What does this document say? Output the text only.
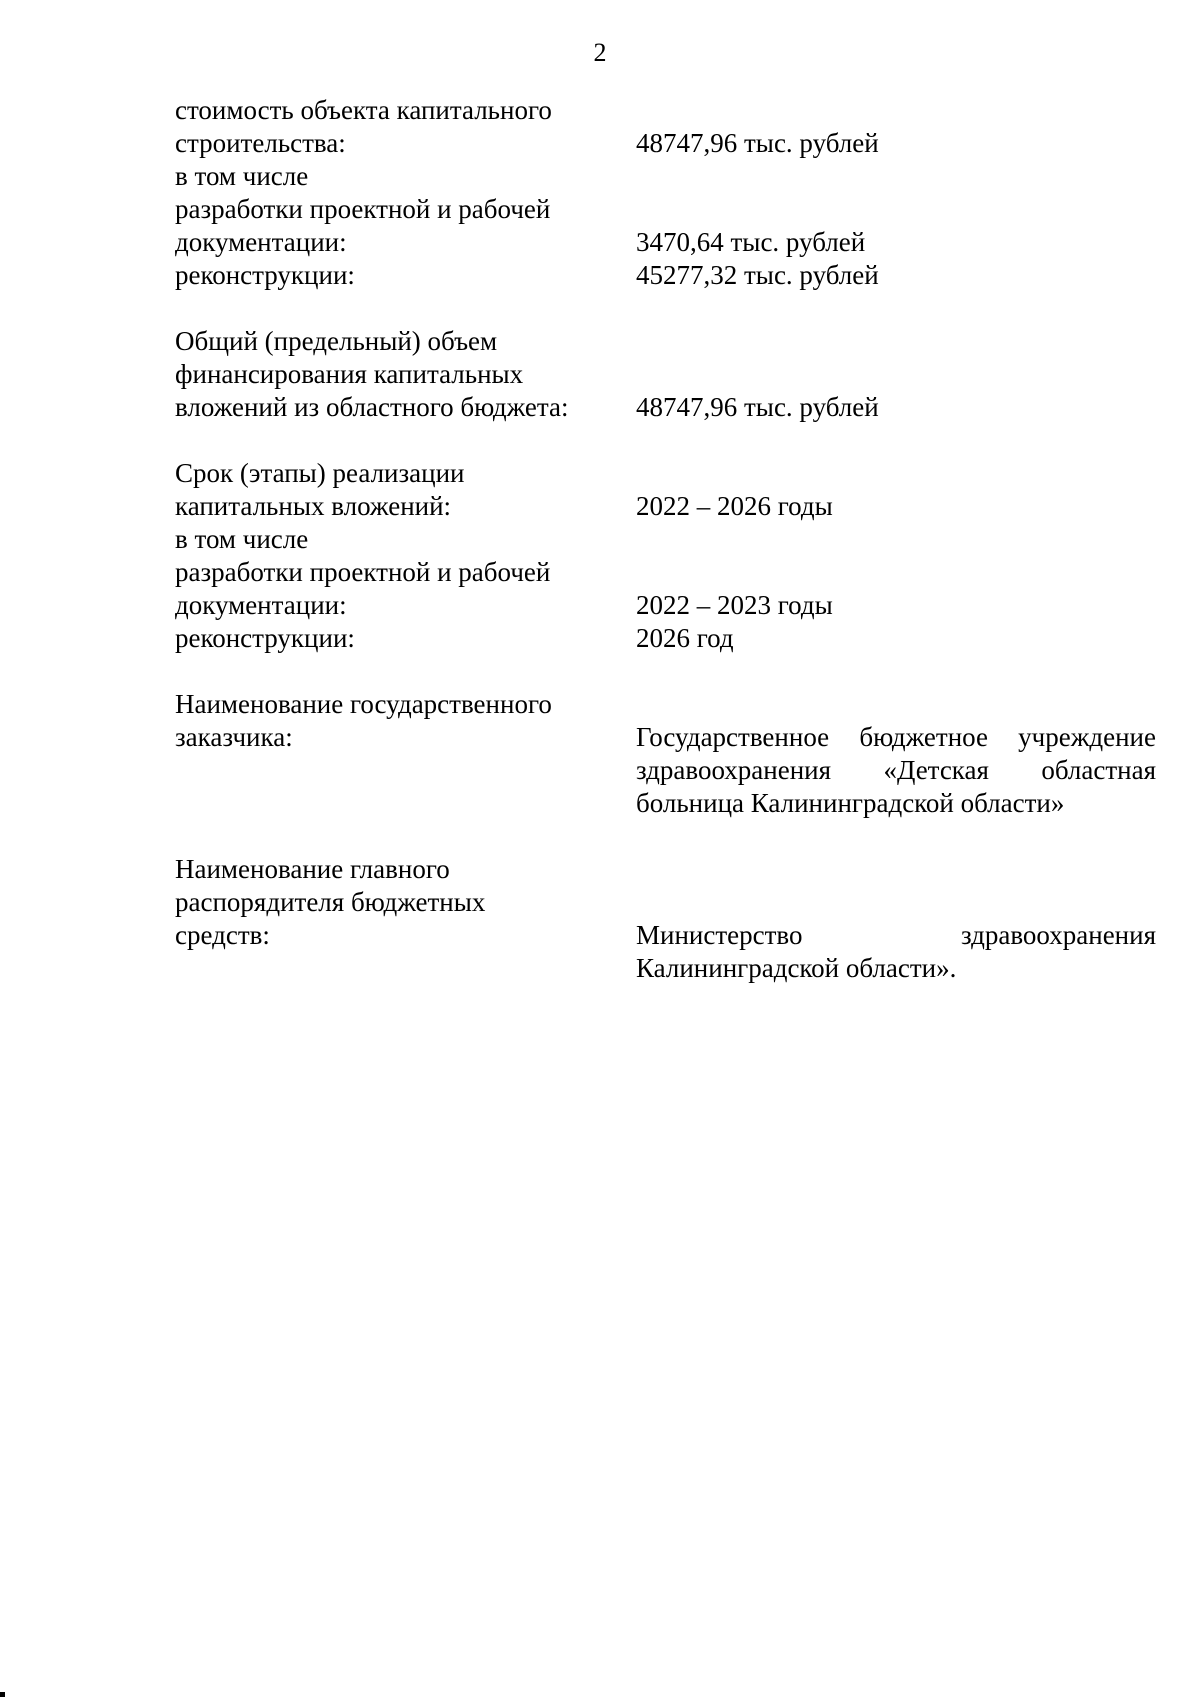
2
стоимость объекта капитального
строительства:	48747,96 тыс. рублей
в том числе
разработки проектной и рабочей
документации:	3470,64 тыс. рублей
реконструкции:	45277,32 тыс. рублей
Общий (предельный) объем
финансирования капитальных
вложений из областного бюджета: 48747,96 тыс. рублей
Срок (этапы) реализации
капитальных вложений:	2022 – 2026 годы
в том числе
разработки проектной и рабочей
документации:	2022 – 2023 годы
реконструкции:	2026 год
Наименование государственного
заказчика:	Государственное бюджетное учреждение
здравоохранения «Детская областная
больница Калининградской области»
Наименование главного
распорядителя бюджетных
средств:	Министерство здравоохранения
Калининградской области».
